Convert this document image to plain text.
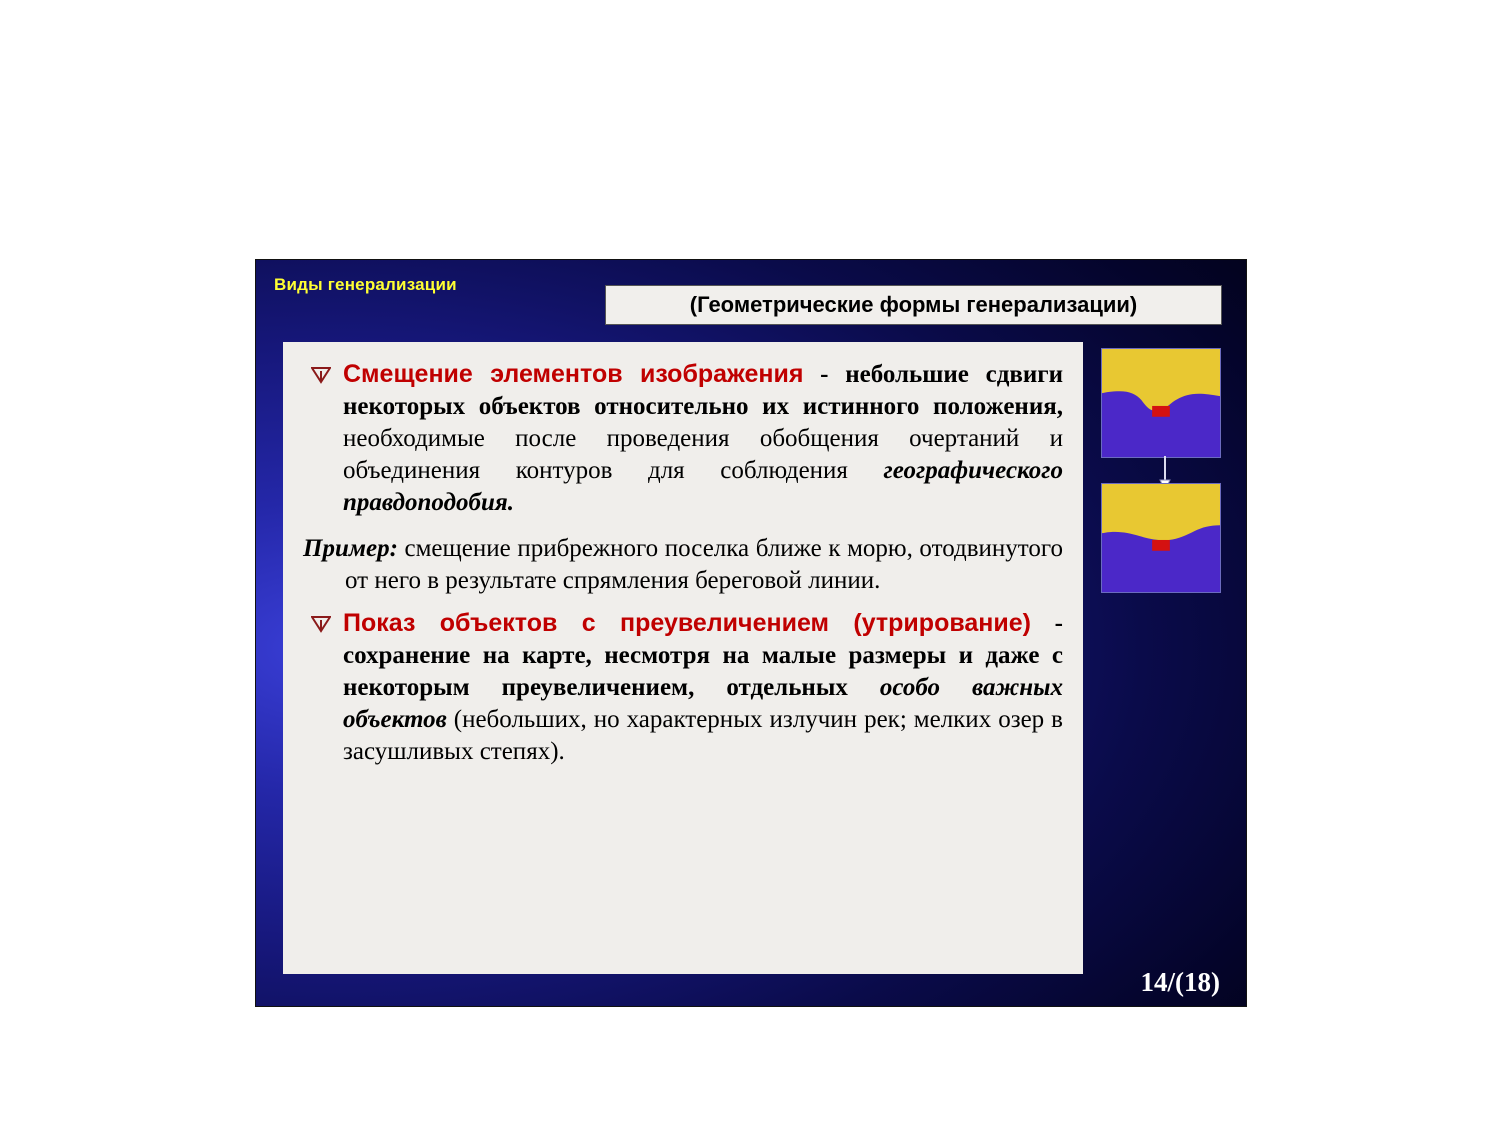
Виды генерализации
(Геометрические формы генерализации)
Смещение элементов изображения - небольшие сдвиги некоторых объектов относительно их истинного положения, необходимые после проведения обобщения очертаний и объединения контуров для соблюдения географического правдоподобия.
Пример: смещение прибрежного поселка ближе к морю, отодвинутого от него в результате спрямления береговой линии.
Показ объектов с преувеличением (утрирование) - сохранение на карте, несмотря на малые размеры и даже с некоторым преувеличением, отдельных особо важных объектов (небольших, но характерных излучин рек; мелких озер в засушливых степях).
14/(18)
